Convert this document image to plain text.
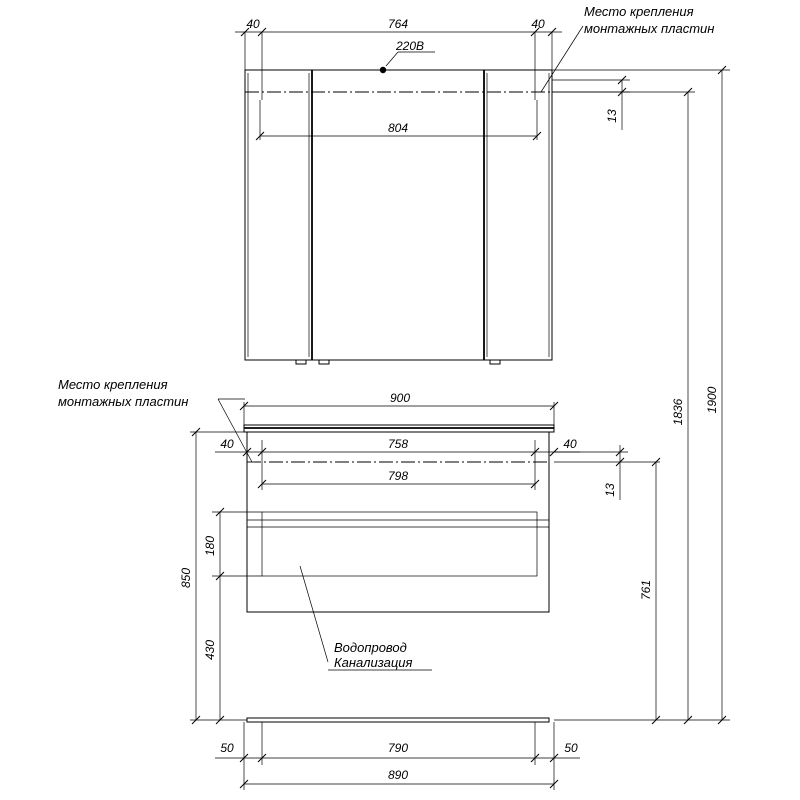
40	764	40
220В
804
13
Место крепления
монтажных пластин
900
40	758	40
798
13
Место крепления
монтажных пластин
850
180
430
761
Водопровод
Канализация
50	790	50
890
1836 1900
